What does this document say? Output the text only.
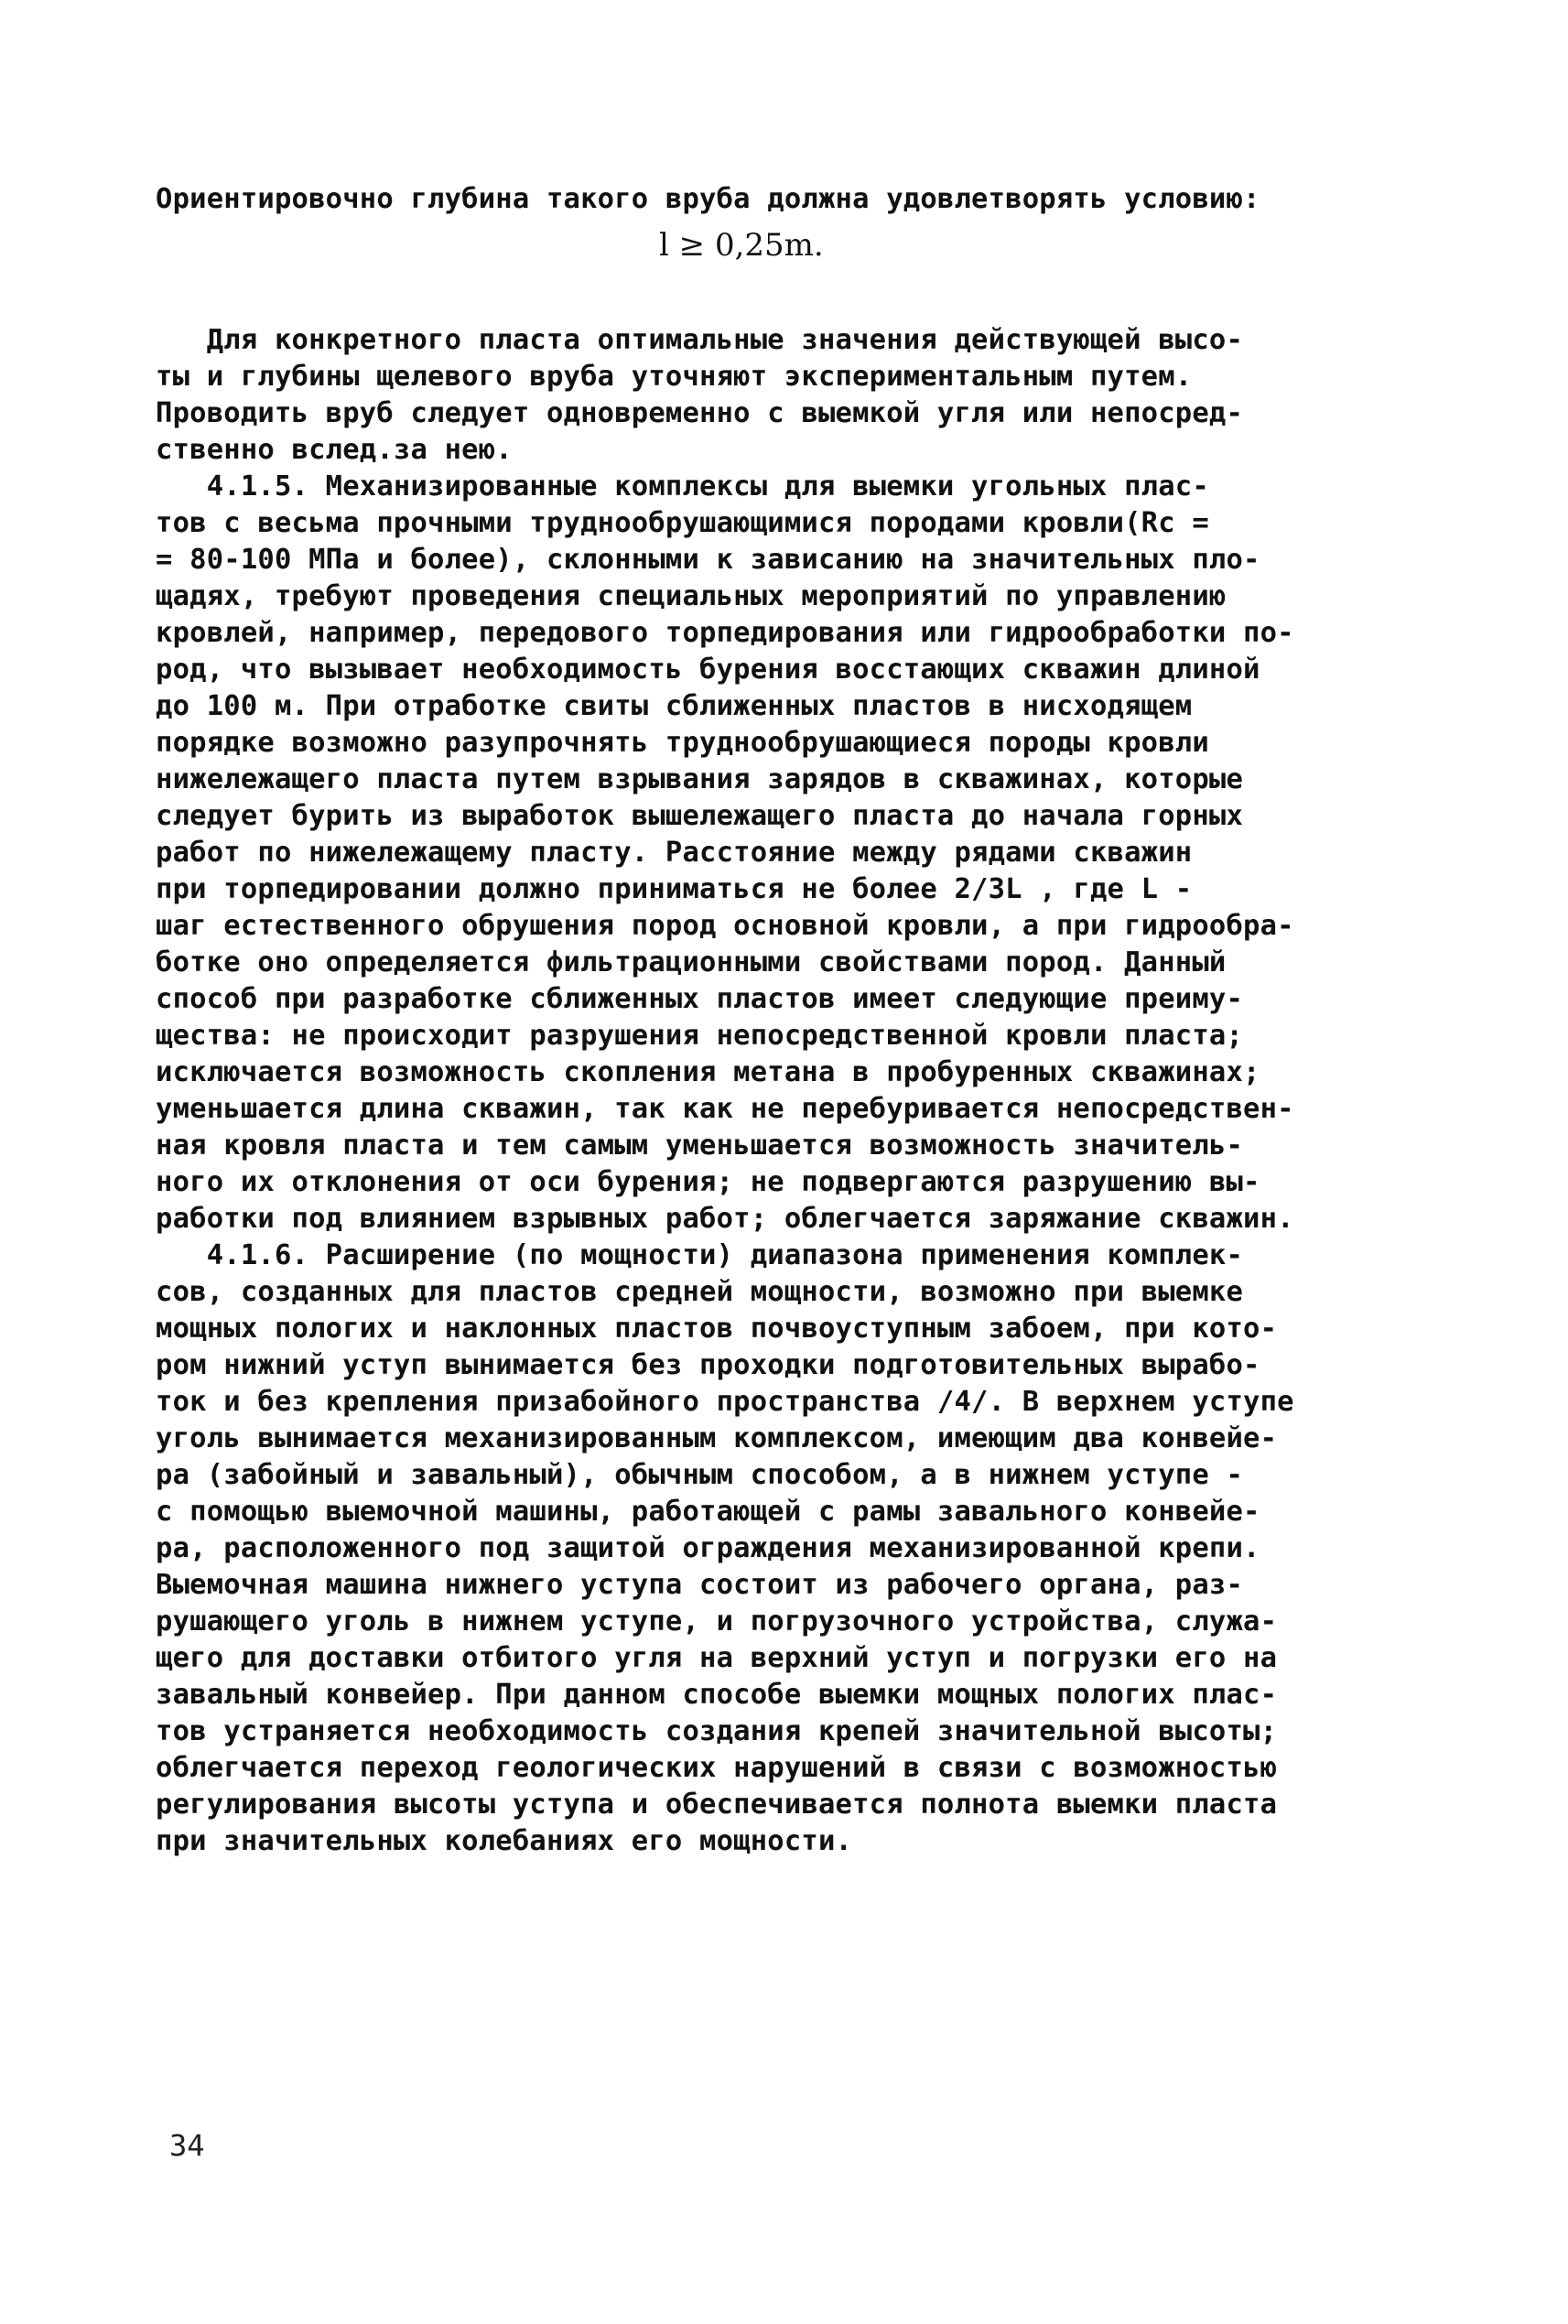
Ориентировочно глубина такого вруба должна удовлетворять условию:
l ≥ 0,25m.
Для конкретного пласта оптимальные значения действующей высо-
ты и глубины щелевого вруба уточняют экспериментальным путем.
Проводить вруб следует одновременно с выемкой угля или непосред-
ственно вслед.за нею.
4.1.5. Механизированные комплексы для выемки угольных плас-
тов с весьма прочными труднообрушающимися породами кровли(Rc =
= 80-100 МПа и более), склонными к зависанию на значительных пло-
щадях, требуют проведения специальных мероприятий по управлению
кровлей, например, передового торпедирования или гидрообработки по-
род, что вызывает необходимость бурения восстающих скважин длиной
до 100 м. При отработке свиты сближенных пластов в нисходящем
порядке возможно разупрочнять труднообрушающиеся породы кровли
нижележащего пласта путем взрывания зарядов в скважинах, которые
следует бурить из выработок вышележащего пласта до начала горных
работ по нижележащему пласту. Расстояние между рядами скважин
при торпедировании должно приниматься не более 2/3L , где L -
шаг естественного обрушения пород основной кровли, а при гидрообра-
ботке оно определяется фильтрационными свойствами пород. Данный
способ при разработке сближенных пластов имеет следующие преиму-
щества: не происходит разрушения непосредственной кровли пласта;
исключается возможность скопления метана в пробуренных скважинах;
уменьшается длина скважин, так как не перебуривается непосредствен-
ная кровля пласта и тем самым уменьшается возможность значитель-
ного их отклонения от оси бурения; не подвергаются разрушению вы-
работки под влиянием взрывных работ; облегчается заряжание скважин.
4.1.6. Расширение (по мощности) диапазона применения комплек-
сов, созданных для пластов средней мощности, возможно при выемке
мощных пологих и наклонных пластов почвоуступным забоем, при кото-
ром нижний уступ вынимается без проходки подготовительных вырабо-
ток и без крепления призабойного пространства /4/. В верхнем уступе
уголь вынимается механизированным комплексом, имеющим два конвейе-
ра (забойный и завальный), обычным способом, а в нижнем уступе -
с помощью выемочной машины, работающей с рамы завального конвейе-
ра, расположенного под защитой ограждения механизированной крепи.
Выемочная машина нижнего уступа состоит из рабочего органа, раз-
рушающего уголь в нижнем уступе, и погрузочного устройства, служа-
щего для доставки отбитого угля на верхний уступ и погрузки его на
завальный конвейер. При данном способе выемки мощных пологих плас-
тов устраняется необходимость создания крепей значительной высоты;
облегчается переход геологических нарушений в связи с возможностью
регулирования высоты уступа и обеспечивается полнота выемки пласта
при значительных колебаниях его мощности.
34
